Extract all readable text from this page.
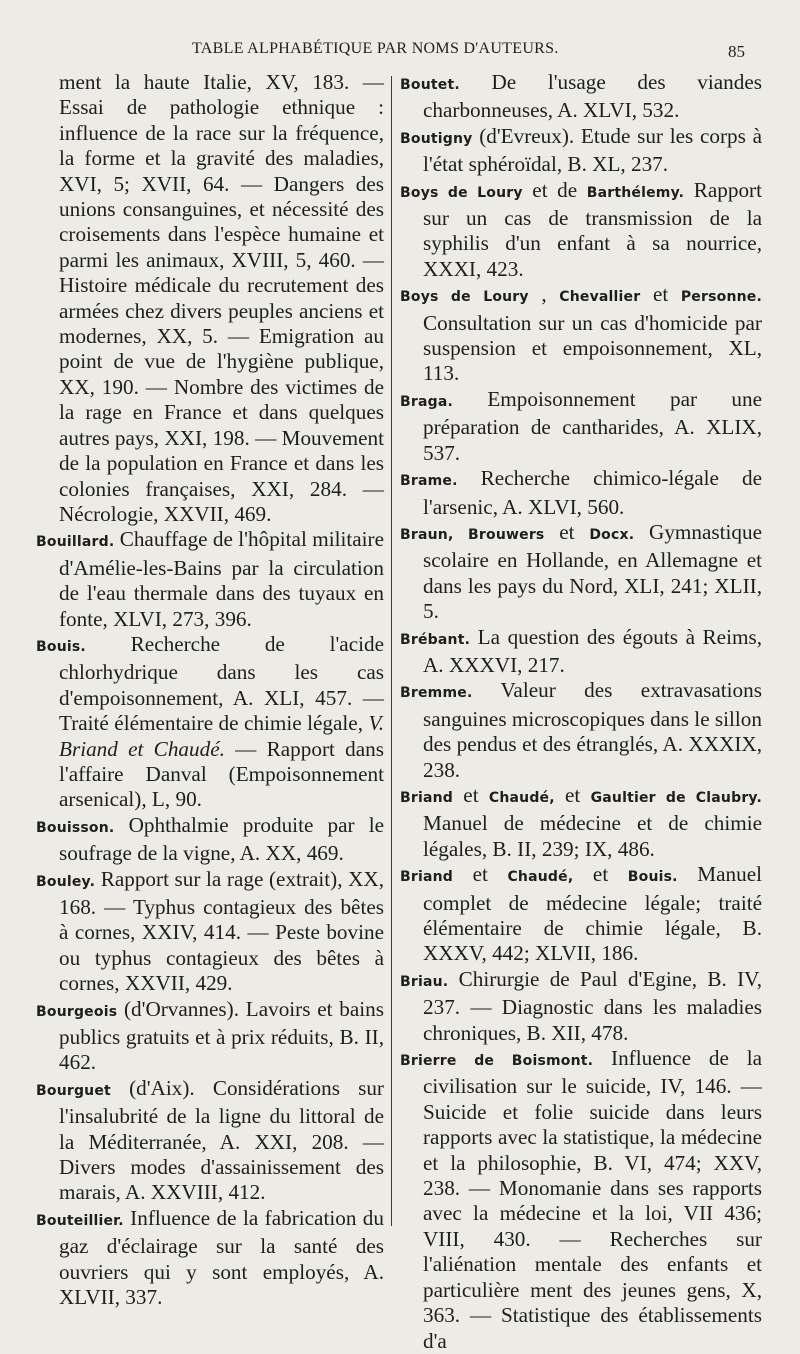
TABLE ALPHABÉTIQUE PAR NOMS D'AUTEURS.	85

ment la haute Italie, XV, 183. — Essai de pathologie ethnique : influence de la race sur la fréquence, la forme et la gravité des maladies, XVI, 5; XVII, 64. — Dangers des unions consanguines, et nécessité des croisements dans l'espèce humaine et parmi les animaux, XVIII, 5, 460. — Histoire médicale du recrutement des armées chez divers peuples anciens et modernes, XX, 5. — Emigration au point de vue de l'hygiène publique, XX, 190. — Nombre des victimes de la rage en France et dans quelques autres pays, XXI, 198. — Mouvement de la population en France et dans les colonies françaises, XXI, 284. — Nécrologie, XXVII, 469.

Bouillard. Chauffage de l'hôpital militaire d'Amélie-les-Bains par la circulation de l'eau thermale dans des tuyaux en fonte, XLVI, 273, 396.

Bouis. Recherche de l'acide chlorhydrique dans les cas d'empoisonnement, A. XLI, 457. — Traité élémentaire de chimie légale, V. Briand et Chaudé. — Rapport dans l'affaire Danval (Empoisonnement arsenical), L, 90.

Bouisson. Ophthalmie produite par le soufrage de la vigne, A. XX, 469.

Bouley. Rapport sur la rage (extrait), XX, 168. — Typhus contagieux des bêtes à cornes, XXIV, 414. — Peste bovine ou typhus contagieux des bêtes à cornes, XXVII, 429.

Bourgeois (d'Orvannes). Lavoirs et bains publics gratuits et à prix réduits, B. II, 462.

Bourguet (d'Aix). Considérations sur l'insalubrité de la ligne du littoral de la Méditerranée, A. XXI, 208. — Divers modes d'assainissement des marais, A. XXVIII, 412.

Bouteillier. Influence de la fabrication du gaz d'éclairage sur la santé des ouvriers qui y sont employés, A. XLVII, 337.

Boutet. De l'usage des viandes charbonneuses, A. XLVI, 532.

Boutigny (d'Evreux). Etude sur les corps à l'état sphéroïdal, B. XL, 237.

Boys de Loury et de Barthélemy. Rapport sur un cas de transmission de la syphilis d'un enfant à sa nourrice, XXXI, 423.

Boys de Loury , Chevallier et Personne. Consultation sur un cas d'homicide par suspension et empoisonnement, XL, 113.

Braga. Empoisonnement par une préparation de cantharides, A. XLIX, 537.

Brame. Recherche chimico-légale de l'arsenic, A. XLVI, 560.

Braun, Brouwers et Docx. Gymnastique scolaire en Hollande, en Allemagne et dans les pays du Nord, XLI, 241; XLII, 5.

Brébant. La question des égouts à Reims, A. XXXVI, 217.

Bremme. Valeur des extravasations sanguines microscopiques dans le sillon des pendus et des étranglés, A. XXXIX, 238.

Briand et Chaudé, et Gaultier de Claubry. Manuel de médecine et de chimie légales, B. II, 239; IX, 486.

Briand et Chaudé, et Bouis. Manuel complet de médecine légale; traité élémentaire de chimie légale, B. XXXV, 442; XLVII, 186.

Briau. Chirurgie de Paul d'Egine, B. IV, 237. — Diagnostic dans les maladies chroniques, B. XII, 478.

Brierre de Boismont. Influence de la civilisation sur le suicide, IV, 146. — Suicide et folie suicide dans leurs rapports avec la statistique, la médecine et la philosophie, B. VI, 474; XXV, 238. — Monomanie dans ses rapports avec la médecine et la loi, VII 436; VIII, 430. — Recherches sur l'aliénation mentale des enfants et particulière ment des jeunes gens, X, 363. — Statistique des établissements d'a
